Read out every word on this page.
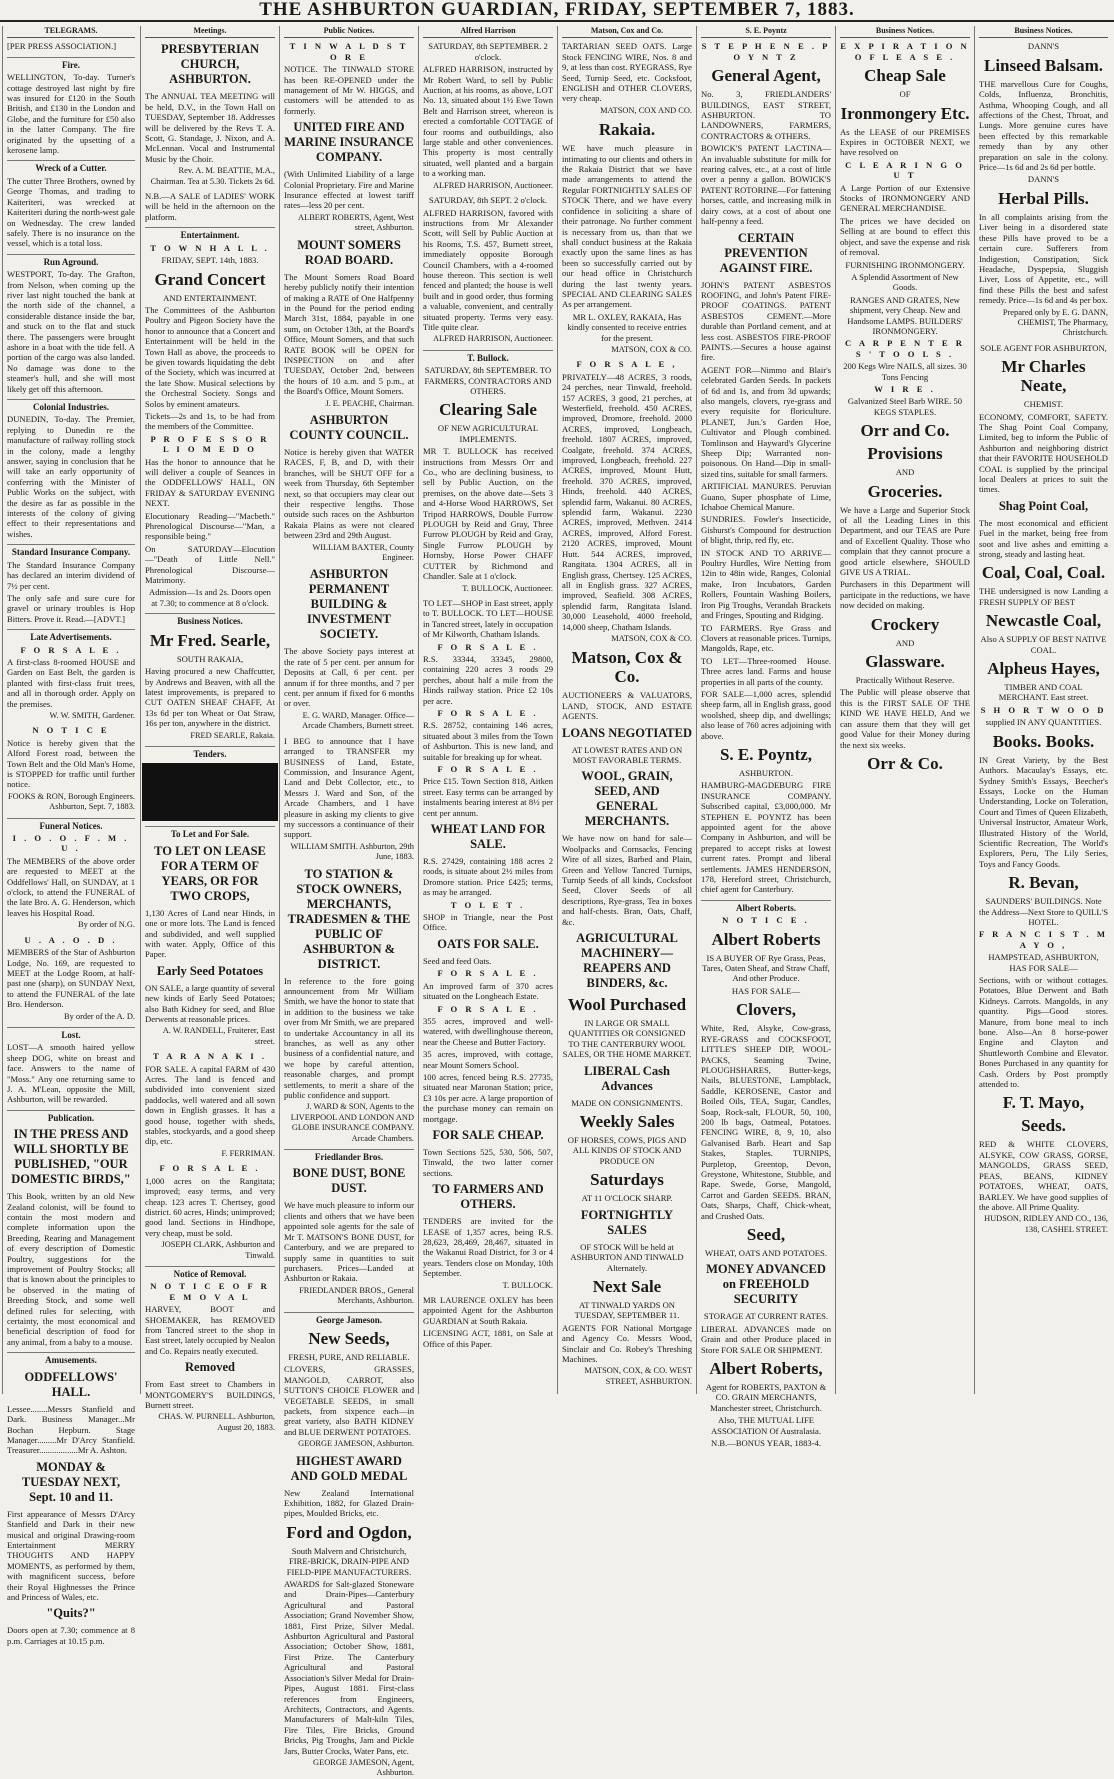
THE ASHBURTON GUARDIAN, FRIDAY, SEPTEMBER 7, 1883.
TELEGRAMS.
[PER PRESS ASSOCIATION.]
Fire.
WELLINGTON, To-day. Turner's cottage destroyed last night by fire was insured for £120 in the South British, and £130 in the London and Globe, and the furniture for £50 also in the latter Company. The fire originated by the upsetting of a kerosene lamp.
Wreck of a Cutter.
The cutter Three Brothers, owned by George Thomas, and trading to Kaiteriteri, was wrecked at Kaiteriteri during the north-west gale on Wednesday. The crew landed safely. There is no insurance on the vessel, which is a total loss.
Run Aground.
WESTPORT, To-day. The Grafton, from Nelson, when coming up the river last night touched the bank at the north side of the channel, a considerable distance inside the bar, and stuck on to the flat and stuck there. The passengers were brought ashore in a boat with the tide fell. A portion of the cargo was also landed. No damage was done to the steamer's hull, and she will most likely get off this afternoon.
Colonial Industries.
DUNEDIN, To-day. The Premier, replying to Dunedin re the manufacture of railway rolling stock in the colony, made a lengthy answer, saying in conclusion that he will take an early opportunity of conferring with the Minister of Public Works on the subject, with the desire as far as possible in the interests of the colony of giving effect to their representations and wishes.
Standard Insurance Company.
The Standard Insurance Company has declared an interim dividend of 7½ per cent.
The only safe and sure cure for gravel or urinary troubles is Hop Bitters. Prove it. Read.—[ADVT.]
Late Advertisements.
F O R S A L E .
A first-class 8-roomed HOUSE and Garden on East Belt, the garden is planted with first-class fruit trees, and all in thorough order. Apply on the premises.
W. W. SMITH, Gardener.
N O T I C E
Notice is hereby given that the Alford Forest road, between the Town Belt and the Old Man's Home, is STOPPED for traffic until further notice.
FOOKS & RON, Borough Engineers. Ashburton, Sept. 7, 1883.
Funeral Notices.
I . O . O . F . M . U .
The MEMBERS of the above order are requested to MEET at the Oddfellows' Hall, on SUNDAY, at 1 o'clock, to attend the FUNERAL of the late Bro. A. G. Henderson, which leaves his Hospital Road.
By order of N.G.
U . A . O . D .
MEMBERS of the Star of Ashburton Lodge, No. 169, are requested to MEET at the Lodge Room, at half-past one (sharp), on SUNDAY Next, to attend the FUNERAL of the late Bro. Henderson.
By order of the A. D.
Lost.
LOST—A smooth haired yellow sheep DOG, white on breast and face. Answers to the name of "Moss." Any one returning same to J. A. M'Lean, opposite the Mill, Ashburton, will be rewarded.
Publication.
IN THE PRESS AND WILL SHORTLY BE PUBLISHED, "OUR DOMESTIC BIRDS,"
This Book, written by an old New Zealand colonist, will be found to contain the most modern and complete information upon the Breeding, Rearing and Management of every description of Domestic Poultry, suggestions for the improvement of Poultry Stocks; all that is known about the principles to be observed in the mating of Breeding Stock, and some well defined rules for selecting, with certainty, the most economical and beneficial description of food for any animal, from a baby to a mouse.
Amusements.
ODDFELLOWS' HALL.
Lessee........Messrs Stanfield and Dark. Business Manager...Mr Bochan Hepburn. Stage Manager.........Mr D'Arcy Stanfield. Treasurer..................Mr A. Ashton.
MONDAY & TUESDAY NEXT, Sept. 10 and 11.
First appearance of Messrs D'Arcy Stanfield and Dark in their new musical and original Drawing-room Entertainment MERRY THOUGHTS AND HAPPY MOMENTS, as performed by them, with magnificent success, before their Royal Highnesses the Prince and Princess of Wales, etc.
"Quits?"
Doors open at 7.30; commence at 8 p.m. Carriages at 10.15 p.m.
Meetings.
PRESBYTERIAN CHURCH, ASHBURTON.
The ANNUAL TEA MEETING will be held, D.V., in the Town Hall on TUESDAY, September 18. Addresses will be delivered by the Revs T. A. Scott, G. Standage, J. Nixon, and A. McLennan. Vocal and Instrumental Music by the Choir.
Rev. A. M. BEATTIE, M.A., Chairman. Tea at 5.30. Tickets 2s 6d.
N.B.—A SALE of LADIES' WORK will be held in the afternoon on the platform.
Entertainment.
T O W N H A L L .
FRIDAY, SEPT. 14th, 1883.
Grand Concert
AND ENTERTAINMENT.
The Committees of the Ashburton Poultry and Pigeon Society have the honor to announce that a Concert and Entertainment will be held in the Town Hall as above, the proceeds to be given towards liquidating the debt of the Society, which was incurred at the late Show. Musical selections by the Orchestral Society. Songs and Solos by eminent amateurs.
Tickets—2s and 1s, to be had from the members of the Committee.
P R O F E S S O R L I O M E D O
Has the honor to announce that he will deliver a couple of Seances in the ODDFELLOWS' HALL, ON FRIDAY & SATURDAY EVENING NEXT.
Elocutionary Reading—"Macbeth." Phrenological Discourse—"Man, a responsible being."
On SATURDAY—Elocution—"Death of Little Nell." Phrenological Discourse—Matrimony.
Admission—1s and 2s. Doors open at 7.30; to commence at 8 o'clock.
Business Notices.
Mr Fred. Searle,
SOUTH RAKAIA,
Having procured a new Chaffcutter, by Andrews and Beaven, with all the latest improvements, is prepared to CUT OATEN SHEAF CHAFF, At 13s 6d per ton Wheat or Oat Straw, 16s per ton, anywhere in the district.
FRED SEARLE, Rakaia.
Tenders.
To Let and For Sale.
TO LET ON LEASE FOR A TERM OF YEARS, OR FOR TWO CROPS,
1,130 Acres of Land near Hinds, in one or more lots. The Land is fenced and subdivided, and well supplied with water. Apply, Office of this Paper.
Early Seed Potatoes
ON SALE, a large quantity of several new kinds of Early Seed Potatoes; also Bath Kidney for seed, and Blue Derwents at reasonable prices.
A. W. RANDELL, Fruiterer, East street.
T A R A N A K I .
FOR SALE. A capital FARM of 430 Acres. The land is fenced and subdivided into convenient sized paddocks, well watered and all sown down in English grasses. It has a good house, together with sheds, stables, stockyards, and a good sheep dip, etc.
F. FERRIMAN.
F O R S A L E .
1,000 acres on the Rangitata; improved; easy terms, and very cheap. 123 acres T. Chertsey, good district. 60 acres, Hinds; unimproved; good land. Sections in Hindhope, very cheap, must be sold.
JOSEPH CLARK, Ashburton and Tinwald.
Notice of Removal.
N O T I C E O F R E M O V A L
HARVEY, BOOT and SHOEMAKER, has REMOVED from Tancred street to the shop in East street, lately occupied by Nealon and Co. Repairs neatly executed.
Removed
From East street to Chambers in MONTGOMERY'S BUILDINGS, Burnett street.
CHAS. W. PURNELL. Ashburton, August 20, 1883.
Public Notices.
T I N W A L D S T O R E
NOTICE. The TINWALD STORE has been RE-OPENED under the management of Mr W. HIGGS, and customers will be attended to as formerly.
UNITED FIRE AND MARINE INSURANCE COMPANY.
(With Unlimited Liability of a large Colonial Proprietary. Fire and Marine Insurance effected at lowest tariff rates—less 20 per cent.
ALBERT ROBERTS, Agent, West street, Ashburton.
MOUNT SOMERS ROAD BOARD.
The Mount Somers Road Board hereby publicly notify their intention of making a RATE of One Halfpenny in the Pound for the period ending March 31st, 1884, payable in one sum, on October 13th, at the Board's Office, Mount Somers, and that such RATE BOOK will be OPEN for INSPECTION on and after TUESDAY, October 2nd, between the hours of 10 a.m. and 5 p.m., at the Board's Office, Mount Somers.
J. E. PEACHE, Chairman.
ASHBURTON COUNTY COUNCIL.
Notice is hereby given that WATER RACES, F, B, and D, with their branches, will be SHUT OFF for a week from Thursday, 6th September next, so that occupiers may clear out their respective lengths. Those outside such races on the Ashburton Rakaia Plains as were not cleared between 23rd and 29th August.
WILLIAM BAXTER, County Engineer.
ASHBURTON PERMANENT BUILDING & INVESTMENT SOCIETY.
The above Society pays interest at the rate of 5 per cent. per annum for Deposits at Call, 6 per cent. per annum if for three months, and 7 per cent. per annum if fixed for 6 months or over.
E. G. WARD, Manager. Office—Arcade Chambers, Burnett street.
I BEG to announce that I have arranged to TRANSFER my BUSINESS of Land, Estate, Commission, and Insurance Agent, Land and Debt Collector, etc., to Messrs J. Ward and Son, of the Arcade Chambers, and I have pleasure in asking my clients to give my successors a continuance of their support.
WILLIAM SMITH. Ashburton, 29th June, 1883.
TO STATION & STOCK OWNERS, MERCHANTS, TRADESMEN & THE PUBLIC OF ASHBURTON & DISTRICT.
In reference to the fore going announcement from Mr William Smith, we have the honor to state that in addition to the business we take over from Mr Smith, we are prepared to undertake Accountancy in all its branches, as well as any other business of a confidential nature, and we hope by careful attention, reasonable charges, and prompt settlements, to merit a share of the public confidence and support.
J. WARD & SON, Agents to the LIVERPOOL AND LONDON AND GLOBE INSURANCE COMPANY. Arcade Chambers.
Friedlander Bros.
BONE DUST, BONE DUST.
We have much pleasure to inform our clients and others that we have been appointed sole agents for the sale of Mr T. MATSON'S BONE DUST, for Canterbury, and we are prepared to supply same in quantities to suit purchasers. Prices—Landed at Ashburton or Rakaia.
FRIEDLANDER BROS., General Merchants, Ashburton.
George Jameson.
New Seeds,
FRESH, PURE, AND RELIABLE.
CLOVERS, GRASSES, MANGOLD, CARROT, also SUTTON'S CHOICE FLOWER and VEGETABLE SEEDS, in small packets, from sixpence each—in great variety, also BATH KIDNEY and BLUE DERWENT POTATOES.
GEORGE JAMESON, Ashburton.
HIGHEST AWARD AND GOLD MEDAL
New Zealand International Exhibition, 1882, for Glazed Drain-pipes, Moulded Bricks, etc.
Ford and Ogdon,
South Malvern and Christchurch, FIRE-BRICK, DRAIN-PIPE AND FIELD-PIPE MANUFACTURERS.
AWARDS for Salt-glazed Stoneware and Drain-Pipes—Canterbury Agricultural and Pastoral Association; Grand November Show, 1881, First Prize, Silver Medal. Ashburton Agricultural and Pastoral Association; October Show, 1881, First Prize. The Canterbury Agricultural and Pastoral Association's Silver Medal for Drain-Pipes, August 1881. First-class references from Engineers, Architects, Contractors, and Agents. Manufacturers of Malt-kiln Tiles, Fire Tiles, Fire Bricks, Ground Bricks, Pig Troughs, Jam and Pickle Jars, Butter Crocks, Water Pans, etc.
GEORGE JAMESON, Agent, Ashburton.
Alfred Harrison
SATURDAY, 8th SEPTEMBER. 2 o'clock.
ALFRED HARRISON, instructed by Mr Robert Ward, to sell by Public Auction, at his rooms, as above, LOT No. 13, situated about 1½ Ewe Town Belt and Harrison street, whereon is erected a comfortable COTTAGE of four rooms and outbuildings, also large stable and other conveniences. This property is most centrally situated, well planted and a bargain to a working man.
ALFRED HARRISON, Auctioneer.
SATURDAY, 8th SEPT. 2 o'clock.
ALFRED HARRISON, favored with instructions from Mr Alexander Scott, will Sell by Public Auction at his Rooms, T.S. 457, Burnett street, immediately opposite Borough Council Chambers, with a 4-roomed house thereon. This section is well fenced and planted; the house is well built and in good order, thus forming a valuable, convenient, and centrally situated property. Terms very easy. Title quite clear.
ALFRED HARRISON, Auctioneer.
T. Bullock.
SATURDAY, 8th SEPTEMBER. TO FARMERS, CONTRACTORS AND OTHERS.
Clearing Sale
OF NEW AGRICULTURAL IMPLEMENTS.
MR T. BULLOCK has received instructions from Messrs Orr and Co., who are declining business, to sell by Public Auction, on the premises, on the above date—Sets 3 and 4-Horse Wood HARROWS, Set Tripod HARROWS, Double Furrow PLOUGH by Reid and Gray, Three Furrow PLOUGH by Reid and Gray, Single Furrow PLOUGH by Hornsby, Horse Power CHAFF CUTTER by Richmond and Chandler. Sale at 1 o'clock.
T. BULLOCK, Auctioneer.
TO LET—SHOP in East street, apply to T. BULLOCK. TO LET—HOUSE in Tancred street, lately in occupation of Mr Kilworth, Chatham Islands.
F O R S A L E .
R.S. 33344, 33345, 29800, containing 220 acres 3 roods 29 perches, about half a mile from the Hinds railway station. Price £2 10s per acre.
F O R S A L E .
R.S. 28752, containing 146 acres, situated about 3 miles from the Town of Ashburton. This is new land, and suitable for breaking up for wheat.
F O R S A L E .
Price £15. Town Section 818, Aitken street. Easy terms can be arranged by instalments bearing interest at 8½ per cent per annum.
WHEAT LAND FOR SALE.
R.S. 27429, containing 188 acres 2 roods, is situate about 2½ miles from Dromore station. Price £425; terms, as may be arranged.
T O L E T .
SHOP in Triangle, near the Post Office.
OATS FOR SALE.
Seed and feed Oats.
F O R S A L E .
An improved farm of 370 acres situated on the Longbeach Estate.
F O R S A L E .
355 acres, improved and well-watered, with dwellinghouse thereon, near the Cheese and Butter Factory.
35 acres, improved, with cottage, near Mount Somers School.
100 acres, fenced being R.S. 27735, situated near Maronan Station; price, £3 10s per acre. A large proportion of the purchase money can remain on mortgage.
FOR SALE CHEAP.
Town Sections 525, 530, 506, 507, Tinwald, the two latter corner sections.
TO FARMERS AND OTHERS.
TENDERS are invited for the LEASE of 1,357 acres, being R.S. 28,623, 28,469, 28,467, situated in the Wakanui Road District, for 3 or 4 years. Tenders close on Monday, 10th September.
T. BULLOCK.
MR LAURENCE OXLEY has been appointed Agent for the Ashburton GUARDIAN at South Rakaia.
LICENSING ACT, 1881, on Sale at Office of this Paper.
Matson, Cox and Co.
TARTARIAN SEED OATS. Large Stock FENCING WIRE, Nos. 8 and 9, at less than cost. RYEGRASS, Rye Seed, Turnip Seed, etc. Cocksfoot, ENGLISH and OTHER CLOVERS, very cheap.
MATSON, COX AND CO.
Rakaia.
WE have much pleasure in intimating to our clients and others in the Rakaia District that we have made arrangements to attend the Regular FORTNIGHTLY SALES OF STOCK There, and we have every confidence in soliciting a share of their patronage. No further comment is necessary from us, than that we shall conduct business at the Rakaia exactly upon the same lines as has been so successfully carried out by our head office in Christchurch during the last twenty years. SPECIAL AND CLEARING SALES As per arrangement.
MR L. OXLEY, RAKAIA, Has kindly consented to receive entries for the present.
MATSON, COX & CO.
F O R S A L E ,
PRIVATELY—48 ACRES, 3 roods, 24 perches, near Tinwald, freehold. 157 ACRES, 3 good, 21 perches, at Westerfield, freehold. 450 ACRES, improved, Dromore, freehold. 2000 ACRES, improved, Longbeach, freehold. 1807 ACRES, improved, Coalgate, freehold. 374 ACRES, improved, Longbeach, freehold. 227 ACRES, improved, Mount Hutt, freehold. 370 ACRES, improved, Hinds, freehold. 440 ACRES, splendid farm, Wakanui. 80 ACRES, splendid farm, Wakanui. 2230 ACRES, improved, Methven. 2414 ACRES, improved, Alford Forest. 2120 ACRES, improved, Mount Hutt. 544 ACRES, improved, Rangitata. 1304 ACRES, all in English grass, Chertsey. 125 ACRES, all in English grass. 327 ACRES, improved, Seafield. 308 ACRES, splendid farm, Rangitata Island. 30,000 Leasehold, 4000 freehold, 14,000 sheep, Chatham Islands.
MATSON, COX & CO.
Matson, Cox & Co.
AUCTIONEERS & VALUATORS, LAND, STOCK, AND ESTATE AGENTS.
LOANS NEGOTIATED
AT LOWEST RATES AND ON MOST FAVORABLE TERMS.
WOOL, GRAIN, SEED, AND GENERAL MERCHANTS.
We have now on hand for sale—Woolpacks and Cornsacks, Fencing Wire of all sizes, Barbed and Plain, Green and Yellow Tancred Turnips, Turnip Seeds of all kinds, Cocksfoot Seed, Clover Seeds of all descriptions, Rye-grass, Tea in boxes and half-chests. Bran, Oats, Chaff, &c.
AGRICULTURAL MACHINERY—REAPERS AND BINDERS, &c.
Wool Purchased
IN LARGE OR SMALL QUANTITIES OR CONSIGNED TO THE CANTERBURY WOOL SALES, OR THE HOME MARKET.
LIBERAL Cash Advances
MADE ON CONSIGNMENTS.
Weekly Sales
OF HORSES, COWS, PIGS AND ALL KINDS OF STOCK AND PRODUCE ON
Saturdays
AT 11 O'CLOCK SHARP.
FORTNIGHTLY SALES
OF STOCK Will be held at ASHBURTON AND TINWALD Alternately.
Next Sale
AT TINWALD YARDS ON TUESDAY, SEPTEMBER 11.
AGENTS FOR National Mortgage and Agency Co. Messrs Wood, Sinclair and Co. Robey's Threshing Machines.
MATSON, COX, & CO. WEST STREET, ASHBURTON.
S. E. Poyntz
S T E P H E N E . P O Y N T Z
General Agent,
No. 3, FRIEDLANDERS' BUILDINGS, EAST STREET, ASHBURTON. TO LANDOWNERS, FARMERS, CONTRACTORS & OTHERS.
BOWICK'S PATENT LACTINA—An invaluable substitute for milk for rearing calves, etc., at a cost of little over a penny a gallon. BOWICK'S PATENT ROTORINE—For fattening horses, cattle, and increasing milk in dairy cows, at a cost of about one half-penny a feed.
CERTAIN PREVENTION AGAINST FIRE.
JOHN'S PATENT ASBESTOS ROOFING, and John's Patent FIRE-PROOF COATINGS. PATENT ASBESTOS CEMENT.—More durable than Portland cement, and at less cost. ASBESTOS FIRE-PROOF PAINTS.—Secures a house against fire.
AGENT FOR—Nimmo and Blair's celebrated Garden Seeds. In packets of 6d and 1s, and from 3d upwards; also mangels, clovers, rye-grass and every requisite for floriculture. PLANET, Jun.'s Garden Hoe, Cultivator and Plough combined. Tomlinson and Hayward's Glycerine Sheep Dip; Warranted non-poisonous. On Hand—Dip in small-sized tins, suitable for small farmers.
ARTIFICIAL MANURES. Peruvian Guano, Super phosphate of Lime, Ichaboe Chemical Manure.
SUNDRIES. Fowler's Insecticide, Gishurst's Compound for destruction of blight, thrip, red fly, etc.
IN STOCK AND TO ARRIVE—Poultry Hurdles, Wire Netting from 12in to 48in wide, Ranges, Colonial make, Iron Incubators, Garden Rollers, Fountain Washing Boilers, Iron Pig Troughs, Verandah Brackets and Fringes, Spouting and Ridging.
TO FARMERS. Rye Grass and Clovers at reasonable prices. Turnips, Mangolds, Rape, etc.
TO LET—Three-roomed House. Three acres land. Farms and house properties in all parts of the county.
FOR SALE—1,000 acres, splendid sheep farm, all in English grass, good woolshed, sheep dip, and dwellings; also lease of 760 acres adjoining with above.
S. E. Poyntz,
ASHBURTON.
HAMBURG-MAGDEBURG FIRE INSURANCE COMPANY. Subscribed capital, £3,000,000. Mr STEPHEN E. POYNTZ has been appointed agent for the above Company in Ashburton, and will be prepared to accept risks at lowest current rates. Prompt and liberal settlements. JAMES HENDERSON, 178, Hereford street, Christchurch, chief agent for Canterbury.
Albert Roberts.
N O T I C E .
Albert Roberts
IS A BUYER OF Rye Grass, Peas, Tares, Oaten Sheaf, and Straw Chaff, And other Produce.
HAS FOR SALE—
Clovers,
White, Red, Alsyke, Cow-grass, RYE-GRASS and COCKSFOOT, LITTLE'S SHEEP DIP, WOOL-PACKS, Seaming Twine, PLOUGHSHARES, Butter-kegs, Nails, BLUESTONE, Lampblack, Saddle, KEROSENE, Castor and Boiled Oils, TEA, Sugar, Candles, Soap, Rock-salt, FLOUR, 50, 100, 200 lb bags, Oatmeal, Potatoes. FENCING WIRE, 8, 9, 10, also Galvanised Barb. Heart and Sap Stakes, Staples. TURNIPS, Purpletop, Greentop, Devon, Greystone, Whitestone, Stubble, and Rape. Swede, Gorse, Mangold, Carrot and Garden SEEDS. BRAN, Oats, Sharps, Chaff, Chick-wheat, and Crushed Oats.
Seed,
WHEAT, OATS AND POTATOES.
MONEY ADVANCED on FREEHOLD SECURITY
STORAGE AT CURRENT RATES.
LIBERAL ADVANCES made on Grain and other Produce placed in Store FOR SALE OR SHIPMENT.
Albert Roberts,
Agent for ROBERTS, PAXTON & CO. GRAIN MERCHANTS, Manchester street, Christchurch.
Also, THE MUTUAL LIFE ASSOCIATION Of Australasia.
N.B.—BONUS YEAR, 1883-4.
Business Notices.
E X P I R A T I O N O F L E A S E .
Cheap Sale
OF
Ironmongery Etc.
As the LEASE of our PREMISES Expires in OCTOBER NEXT, we have resolved on
C L E A R I N G O U T
A Large Portion of our Extensive Stocks of IRONMONGERY AND GENERAL MERCHANDISE.
The prices we have decided on Selling at are bound to effect this object, and save the expense and risk of removal.
FURNISHING IRONMONGERY.
A Splendid Assortment of New Goods.
RANGES AND GRATES, New shipment, very Cheap. New and Handsome LAMPS. BUILDERS' IRONMONGERY.
C A R P E N T E R S ' T O O L S .
200 Kegs Wire NAILS, all sizes. 30 Tons Fencing
W I R E .
Galvanized Steel Barb WIRE. 50 KEGS STAPLES.
Orr and Co.
Provisions
AND
Groceries.
We have a Large and Superior Stock of all the Leading Lines in this Department, and our TEAS are Pure and of Excellent Quality. Those who complain that they cannot procure a good article elsewhere, SHOULD GIVE US A TRIAL.
Purchasers in this Department will participate in the reductions, we have now decided on making.
Crockery
AND
Glassware.
Practically Without Reserve.
The Public will please observe that this is the FIRST SALE OF THE KIND WE HAVE HELD, And we can assure them that they will get good Value for their Money during the next six weeks.
Orr & Co.
Business Notices.
DANN'S
Linseed Balsam.
THE marvellous Cure for Coughs, Colds, Influenza, Bronchitis, Asthma, Whooping Cough, and all affections of the Chest, Throat, and Lungs. More genuine cures have been effected by this remarkable remedy than by any other preparation on sale in the colony. Price—1s 6d and 2s 6d per bottle.
DANN'S
Herbal Pills.
In all complaints arising from the Liver being in a disordered state these Pills have proved to be a certain cure. Sufferers from Indigestion, Constipation, Sick Headache, Dyspepsia, Sluggish Liver, Loss of Appetite, etc., will find these Pills the best and safest remedy. Price—1s 6d and 4s per box.
Prepared only by E. G. DANN, CHEMIST, The Pharmacy, Christchurch.
SOLE AGENT FOR ASHBURTON,
Mr Charles Neate,
CHEMIST.
ECONOMY, COMFORT, SAFETY. The Shag Point Coal Company, Limited, beg to inform the Public of Ashburton and neighboring district that their FAVORITE HOUSEHOLD COAL is supplied by the principal local Dealers at prices to suit the times.
Shag Point Coal,
The most economical and efficient Fuel in the market, being free from soot and live ashes and emitting a strong, steady and lasting heat.
Coal, Coal, Coal.
THE undersigned is now Landing a FRESH SUPPLY OF BEST
Newcastle Coal,
Also A SUPPLY OF BEST NATIVE COAL.
Alpheus Hayes,
TIMBER AND COAL MERCHANT. East street.
S H O R T W O O D
supplied IN ANY QUANTITIES.
Books. Books.
IN Great Variety, by the Best Authors. Macaulay's Essays, etc. Sydney Smith's Essays, Beecher's Essays, Locke on the Human Understanding, Locke on Toleration, Court and Times of Queen Elizabeth, Universal Instructor, Amateur Work, Illustrated History of the World, Scientific Recreation, The World's Explorers, Peru, The Lily Series, Toys and Fancy Goods.
R. Bevan,
SAUNDERS' BUILDINGS. Note the Address—Next Store to QUILL'S HOTEL.
F R A N C I S T . M A Y O ,
HAMPSTEAD, ASHBURTON, HAS FOR SALE—
Sections, with or without cottages. Potatoes, Blue Derwent and Bath Kidneys. Carrots. Mangolds, in any quantity. Pigs—Good stores. Manure, from bone meal to inch bone. Also—An 8 horse-power Engine and Clayton and Shuttleworth Combine and Elevator. Bones Purchased in any quantity for Cash. Orders by Post promptly attended to.
F. T. Mayo,
Seeds.
RED & WHITE CLOVERS, ALSYKE, COW GRASS, GORSE, MANGOLDS, GRASS SEED, PEAS, BEANS, KIDNEY POTATOES, WHEAT, OATS, BARLEY. We have good supplies of the above. All Prime Quality.
HUDSON, RIDLEY AND CO., 136, 138, CASHEL STREET.
